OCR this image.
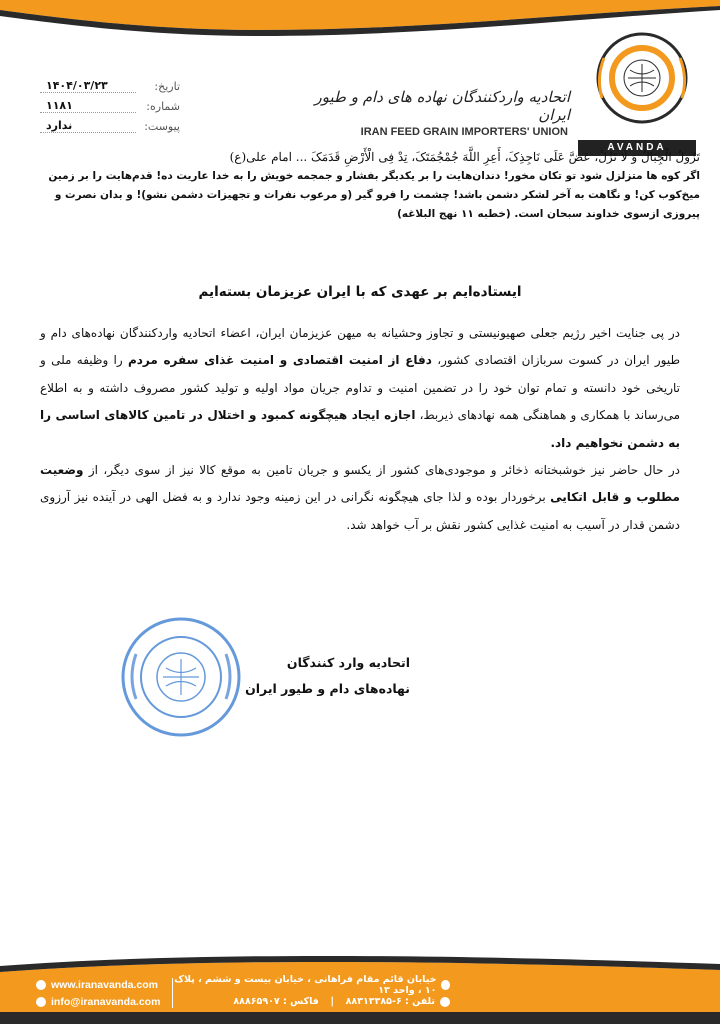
AVANDA
اتحادیه واردکنندگان نهاده های دام و طیور ایران
IRAN FEED GRAIN IMPORTERS' UNION
تاریخ:
۱۴۰۴/۰۳/۲۳
شماره:
۱۱۸۱
پیوست:
ندارد
تَزُولُ الْجِبَالُ وَ لَا تَزُلْ، عَضَّ عَلَی نَاجِذِکَ، أَعِرِ اللَّهَ جُمْجُمَتَکَ، تِدْ فِی الْأَرْضِ قَدَمَکَ ... امام علی(ع)
اگر کوه ها متزلزل شود تو تکان مخور! دندان‌هایت را بر یکدیگر بفشار و جمجمه خویش را به خدا عاریت ده! قدم‌هایت را بر زمین میخ‌کوب کن! و نگاهت به آخر لشکر دشمن باشد! چشمت را فرو گیر (و مرعوب نفرات و تجهیزات دشمن نشو)! و بدان نصرت و پیروزی ازسوی خداوند سبحان است. (خطبه ۱۱ نهج البلاغه)
ایستاده‌ایم بر عهدی که با ایران عزیزمان بسته‌ایم

در پی جنایت اخیر رژیم جعلی صهیونیستی و تجاوز وحشیانه به میهن عزیزمان ایران، اعضاء اتحادیه واردکنندگان نهاده‌های دام و طیور ایران در کسوت سربازان اقتصادی کشور، دفاع از امنیت اقتصادی و امنیت غذای سفره مردم را وظیفه ملی و تاریخی خود دانسته و تمام توان خود را در تضمین امنیت و تداوم جریان مواد اولیه و تولید کشور مصروف داشته و به اطلاع می‌رساند با همکاری و هماهنگی همه نهادهای ذیربط، اجازه ایجاد هیچگونه کمبود و اختلال در تامین کالاهای اساسی را به دشمن نخواهیم داد.

در حال حاضر نیز خوشبختانه ذخائر و موجودی‌های کشور از یکسو و جریان تامین به موقع کالا نیز از سوی دیگر، از وضعیت مطلوب و قابل اتکایی برخوردار بوده و لذا جای هیچگونه نگرانی در این زمینه وجود ندارد و به فضل الهی در آینده نیز آرزوی دشمن قدار در آسیب به امنیت غذایی کشور نقش بر آب خواهد شد.

اتحادیه وارد کنندگان
نهاده‌های دام و طیور ایران
www.iranavanda.com
info@iranavanda.com
خیابان قائم مقام فراهانی ، خیابان بیست و ششم ، پلاک ۱۰ ، واحد ۱۳
تلفن : ۶-۸۸۳۱۳۳۸۵
|
فاکس : ۸۸۸۶۵۹۰۷
